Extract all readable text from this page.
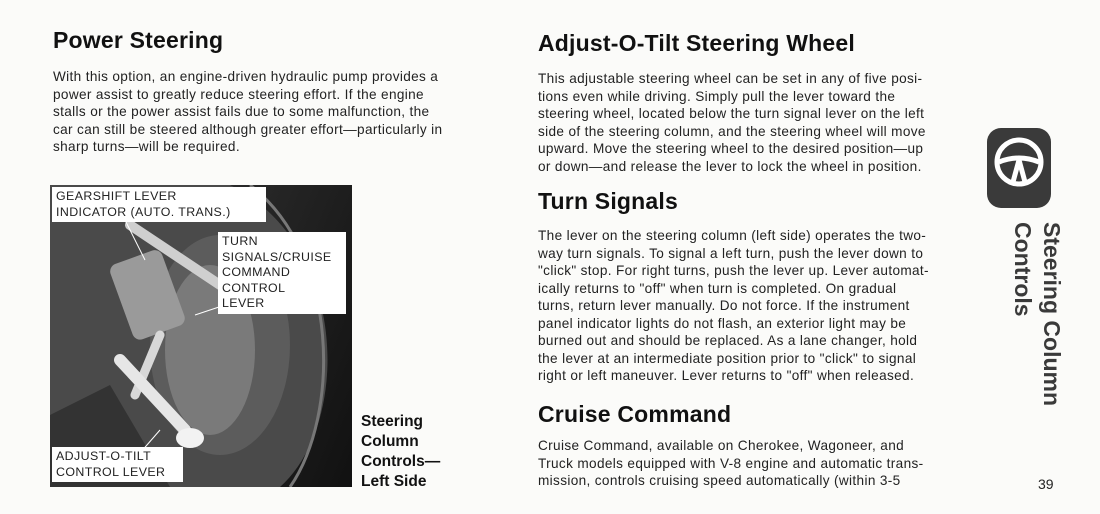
Power Steering
With this option, an engine-driven hydraulic pump provides a
power assist to greatly reduce steering effort. If the engine
stalls or the power assist fails due to some malfunction, the
car can still be steered although greater effort—particularly in
sharp turns—will be required.
GEARSHIFT LEVER
INDICATOR (AUTO. TRANS.)
TURN
SIGNALS/CRUISE
COMMAND
CONTROL
LEVER
ADJUST-O-TILT
CONTROL LEVER
Steering
Column
Controls—
Left Side
Adjust-O-Tilt Steering Wheel
This adjustable steering wheel can be set in any of five posi-
tions even while driving. Simply pull the lever toward the
steering wheel, located below the turn signal lever on the left
side of the steering column, and the steering wheel will move
upward. Move the steering wheel to the desired position—up
or down—and release the lever to lock the wheel in position.
Turn Signals
The lever on the steering column (left side) operates the two-
way turn signals. To signal a left turn, push the lever down to
"click" stop. For right turns, push the lever up. Lever automat-
ically returns to "off" when turn is completed. On gradual
turns, return lever manually. Do not force. If the instrument
panel indicator lights do not flash, an exterior light may be
burned out and should be replaced. As a lane changer, hold
the lever at an intermediate position prior to "click" to signal
right or left maneuver. Lever returns to "off" when released.
Cruise Command
Cruise Command, available on Cherokee, Wagoneer, and
Truck models equipped with V-8 engine and automatic trans-
mission, controls cruising speed automatically (within 3-5
Steering Column
Controls
39
